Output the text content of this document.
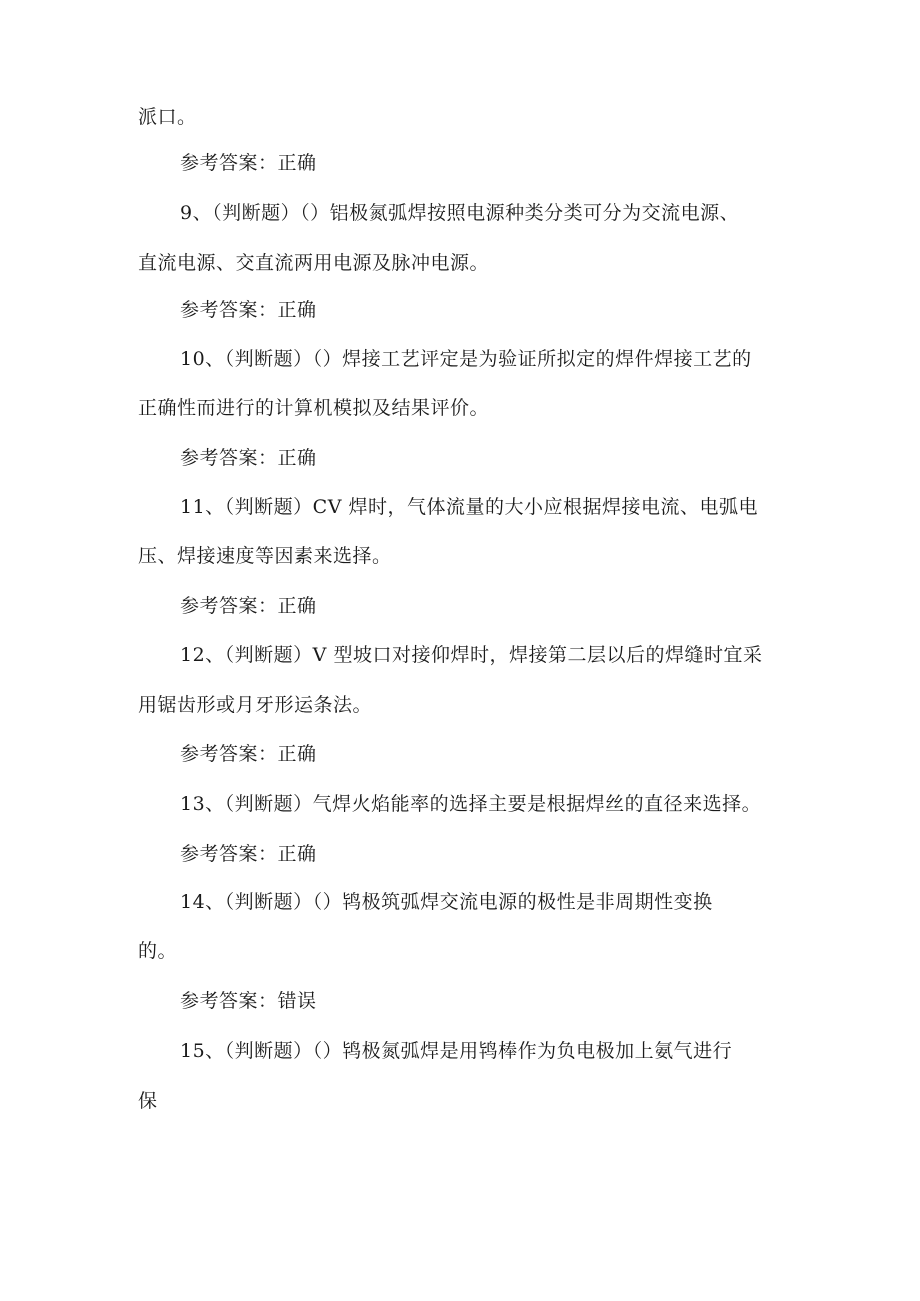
派口。
参考答案：正确
9、（判断题）（）铝极氮弧焊按照电源种类分类可分为交流电源、
直流电源、交直流两用电源及脉冲电源。
参考答案：正确
10、（判断题）（）焊接工艺评定是为验证所拟定的焊件焊接工艺的
正确性而进行的计算机模拟及结果评价。
参考答案：正确
11、（判断题）CV 焊时，气体流量的大小应根据焊接电流、电弧电
压、焊接速度等因素来选择。
参考答案：正确
12、（判断题）V 型坡口对接仰焊时，焊接第二层以后的焊缝时宜采
用锯齿形或月牙形运条法。
参考答案：正确
13、（判断题）气焊火焰能率的选择主要是根据焊丝的直径来选择。
参考答案：正确
14、（判断题）（）鸨极筑弧焊交流电源的极性是非周期性变换
的。
参考答案：错误
15、（判断题）（）鸨极氮弧焊是用鸨棒作为负电极加上氨气进行
保
